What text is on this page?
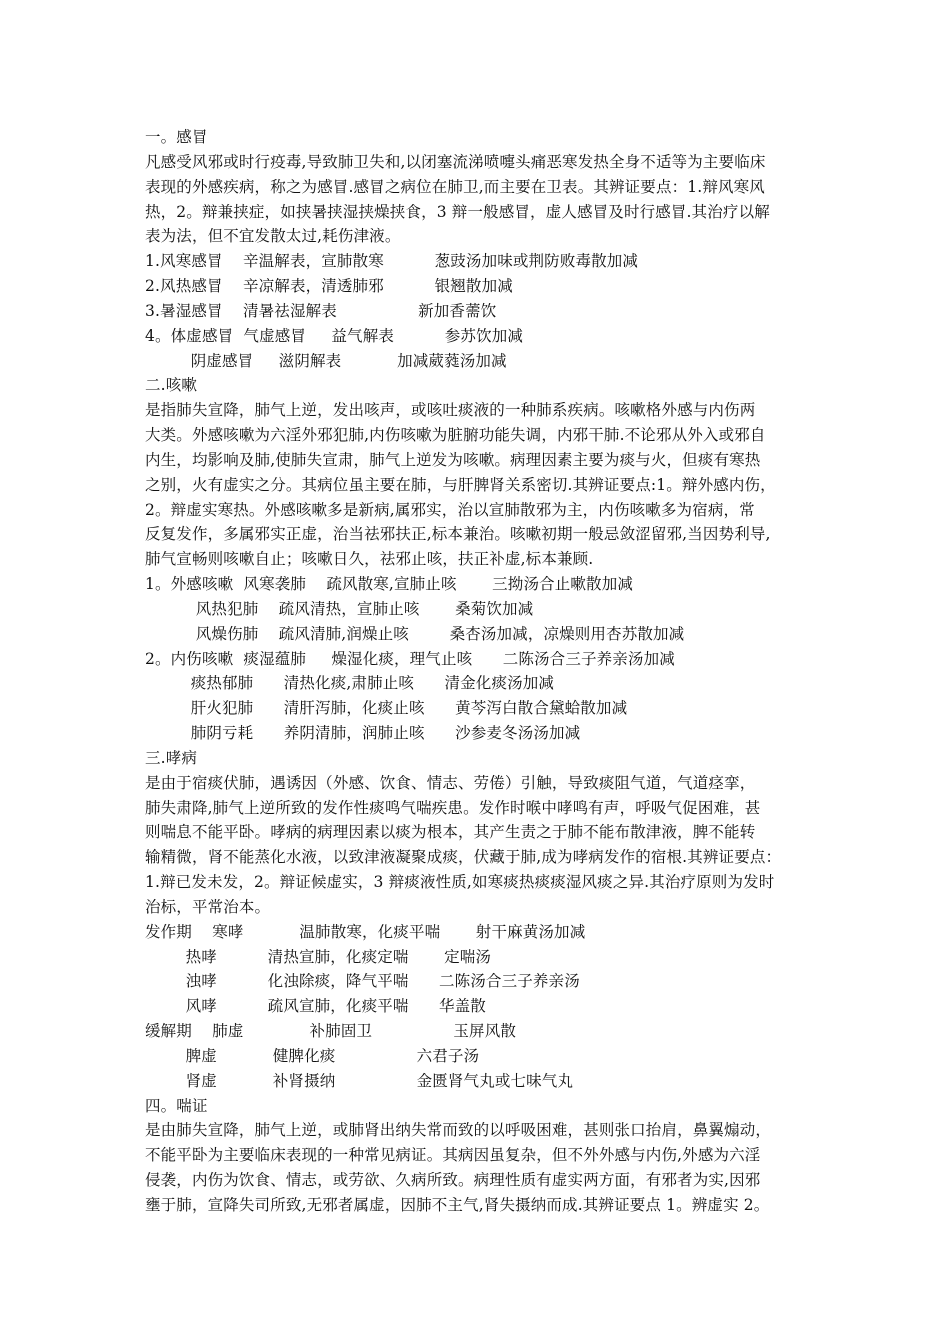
一。感冒
凡感受风邪或时行疫毒,导致肺卫失和,以闭塞流涕喷嚏头痛恶寒发热全身不适等为主要临床
表现的外感疾病，称之为感冒.感冒之病位在肺卫,而主要在卫表。其辨证要点：1.辩风寒风
热，2。辩兼挟症，如挟暑挟湿挟燥挟食，3 辩一般感冒，虚人感冒及时行感冒.其治疗以解
表为法，但不宜发散太过,耗伤津液。
1.风寒感冒    辛温解表，宣肺散寒          葱豉汤加味或荆防败毒散加减
2.风热感冒    辛凉解表，清透肺邪          银翘散加减
3.暑湿感冒    清暑祛湿解表                新加香薷饮
4。体虚感冒  气虚感冒     益气解表          参苏饮加减
阴虚感冒     滋阴解表           加减葳蕤汤加减
二.咳嗽
是指肺失宣降，肺气上逆，发出咳声，或咳吐痰液的一种肺系疾病。咳嗽格外感与内伤两
大类。外感咳嗽为六淫外邪犯肺,内伤咳嗽为脏腑功能失调，内邪干肺.不论邪从外入或邪自
内生，均影响及肺,使肺失宣肃，肺气上逆发为咳嗽。病理因素主要为痰与火，但痰有寒热
之别，火有虚实之分。其病位虽主要在肺，与肝脾肾关系密切.其辨证要点:1。辩外感内伤，
2。辩虚实寒热。外感咳嗽多是新病,属邪实，治以宣肺散邪为主，内伤咳嗽多为宿病，常
反复发作，多属邪实正虚，治当祛邪扶正,标本兼治。咳嗽初期一般忌敛涩留邪,当因势利导,
肺气宣畅则咳嗽自止；咳嗽日久，祛邪止咳，扶正补虚,标本兼顾.
1。外感咳嗽  风寒袭肺    疏风散寒,宣肺止咳       三拗汤合止嗽散加减
风热犯肺    疏风清热，宣肺止咳       桑菊饮加减
风燥伤肺    疏风清肺,润燥止咳        桑杏汤加减，凉燥则用杏苏散加减
2。内伤咳嗽  痰湿蕴肺     燥湿化痰，理气止咳      二陈汤合三子养亲汤加减
痰热郁肺      清热化痰,肃肺止咳      清金化痰汤加减
肝火犯肺      清肝泻肺，化痰止咳      黄芩泻白散合黛蛤散加减
肺阴亏耗      养阴清肺，润肺止咳      沙参麦冬汤汤加减
三.哮病
是由于宿痰伏肺，遇诱因（外感、饮食、情志、劳倦）引触，导致痰阻气道，气道痉挛，
肺失肃降,肺气上逆所致的发作性痰鸣气喘疾患。发作时喉中哮鸣有声，呼吸气促困难，甚
则喘息不能平卧。哮病的病理因素以痰为根本，其产生责之于肺不能布散津液，脾不能转
输精微，肾不能蒸化水液，以致津液凝聚成痰，伏藏于肺,成为哮病发作的宿根.其辨证要点：
1.辩已发未发，2。辩证候虚实，3 辩痰液性质,如寒痰热痰痰湿风痰之异.其治疗原则为发时
治标，平常治本。
发作期    寒哮           温肺散寒，化痰平喘       射干麻黄汤加减
热哮          清热宣肺，化痰定喘       定喘汤
浊哮          化浊除痰，降气平喘      二陈汤合三子养亲汤
风哮          疏风宣肺，化痰平喘      华盖散
缓解期    肺虚             补肺固卫                玉屏风散
脾虚           健脾化痰                六君子汤
肾虚           补肾摄纳                金匮肾气丸或七味气丸
四。喘证
是由肺失宣降，肺气上逆，或肺肾出纳失常而致的以呼吸困难，甚则张口抬肩，鼻翼煽动，
不能平卧为主要临床表现的一种常见病证。其病因虽复杂，但不外外感与内伤,外感为六淫
侵袭，内伤为饮食、情志，或劳欲、久病所致。病理性质有虚实两方面，有邪者为实,因邪
壅于肺，宣降失司所致,无邪者属虚，因肺不主气,肾失摄纳而成.其辨证要点 1。辨虚实 2。
